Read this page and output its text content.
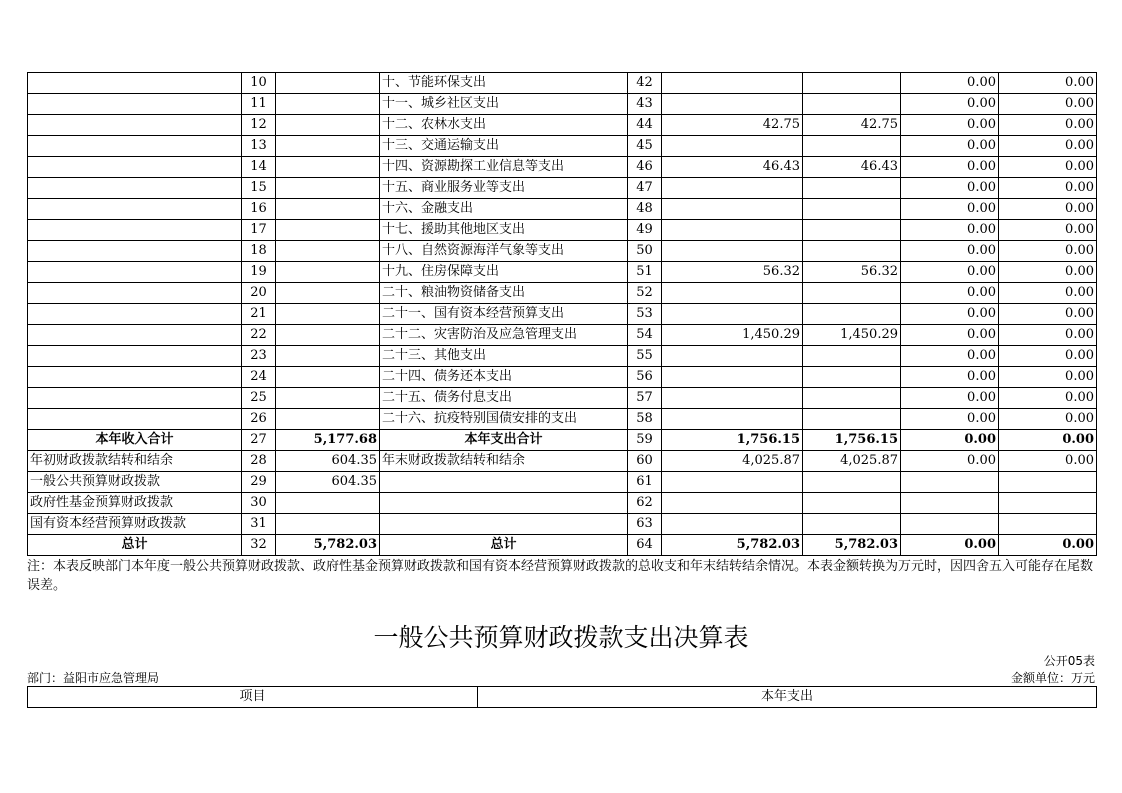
	10		十、节能环保支出	42			0.00	0.00
	11		十一、城乡社区支出	43			0.00	0.00
	12		十二、农林水支出	44	42.75	42.75	0.00	0.00
	13		十三、交通运输支出	45			0.00	0.00
	14		十四、资源勘探工业信息等支出	46	46.43	46.43	0.00	0.00
	15		十五、商业服务业等支出	47			0.00	0.00
	16		十六、金融支出	48			0.00	0.00
	17		十七、援助其他地区支出	49			0.00	0.00
	18		十八、自然资源海洋气象等支出	50			0.00	0.00
	19		十九、住房保障支出	51	56.32	56.32	0.00	0.00
	20		二十、粮油物资储备支出	52			0.00	0.00
	21		二十一、国有资本经营预算支出	53			0.00	0.00
	22		二十二、灾害防治及应急管理支出	54	1,450.29	1,450.29	0.00	0.00
	23		二十三、其他支出	55			0.00	0.00
	24		二十四、债务还本支出	56			0.00	0.00
	25		二十五、债务付息支出	57			0.00	0.00
	26		二十六、抗疫特别国债安排的支出	58			0.00	0.00
本年收入合计	27	5,177.68	本年支出合计	59	1,756.15	1,756.15	0.00	0.00
年初财政拨款结转和结余	28	604.35	年末财政拨款结转和结余	60	4,025.87	4,025.87	0.00	0.00
一般公共预算财政拨款	29	604.35		61				
政府性基金预算财政拨款	30			62				
国有资本经营预算财政拨款	31			63				
总计	32	5,782.03	总计	64	5,782.03	5,782.03	0.00	0.00
注：本表反映部门本年度一般公共预算财政拨款、政府性基金预算财政拨款和国有资本经营预算财政拨款的总收支和年末结转结余情况。本表金额转换为万元时，因四舍五入可能存在尾数误差。
一般公共预算财政拨款支出决算表
公开05表
部门：益阳市应急管理局	金额单位：万元
项目	本年支出
